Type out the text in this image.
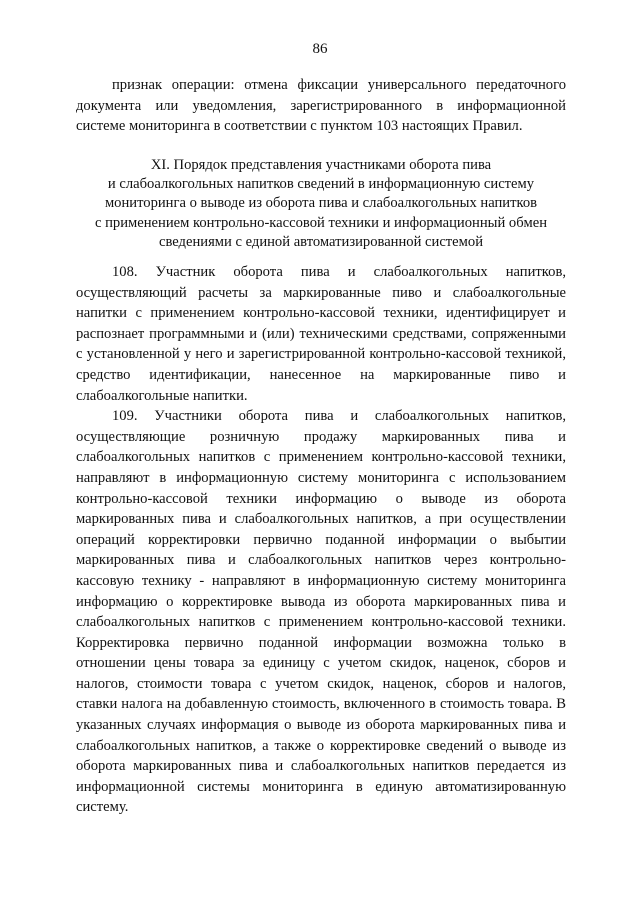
86

признак операции: отмена фиксации универсального передаточного документа или уведомления, зарегистрированного в информационной системе мониторинга в соответствии с пунктом 103 настоящих Правил.

XI. Порядок представления участниками оборота пива
и слабоалкогольных напитков сведений в информационную систему
мониторинга о выводе из оборота пива и слабоалкогольных напитков
с применением контрольно-кассовой техники и информационный обмен
сведениями с единой автоматизированной системой

108. Участник оборота пива и слабоалкогольных напитков, осуществляющий расчеты за маркированные пиво и слабоалкогольные напитки с применением контрольно-кассовой техники, идентифицирует и распознает программными и (или) техническими средствами, сопряженными с установленной у него и зарегистрированной контрольно-кассовой техникой, средство идентификации, нанесенное на маркированные пиво и слабоалкогольные напитки.

109. Участники оборота пива и слабоалкогольных напитков, осуществляющие розничную продажу маркированных пива и слабоалкогольных напитков с применением контрольно-кассовой техники, направляют в информационную систему мониторинга с использованием контрольно-кассовой техники информацию о выводе из оборота маркированных пива и слабоалкогольных напитков, а при осуществлении операций корректировки первично поданной информации о выбытии маркированных пива и слабоалкогольных напитков через контрольно-кассовую технику - направляют в информационную систему мониторинга информацию о корректировке вывода из оборота маркированных пива и слабоалкогольных напитков с применением контрольно-кассовой техники. Корректировка первично поданной информации возможна только в отношении цены товара за единицу с учетом скидок, наценок, сборов и налогов, стоимости товара с учетом скидок, наценок, сборов и налогов, ставки налога на добавленную стоимость, включенного в стоимость товара. В указанных случаях информация о выводе из оборота маркированных пива и слабоалкогольных напитков, а также о корректировке сведений о выводе из оборота маркированных пива и слабоалкогольных напитков передается из информационной системы мониторинга в единую автоматизированную систему.
